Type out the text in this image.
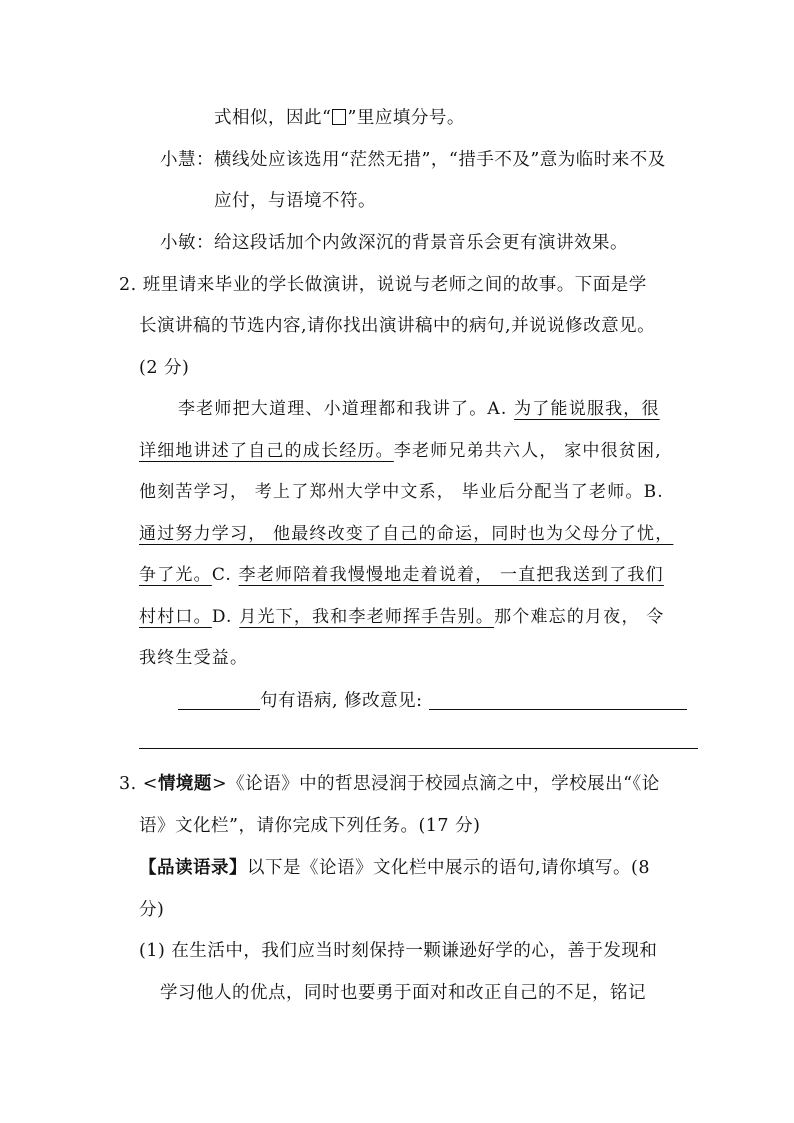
式相似，因此“ ”里应填分号。
小慧：横线处应该选用“茫然无措”，“措手不及”意为临时来不及
应付，与语境不符。
小敏：给这段话加个内敛深沉的背景音乐会更有演讲效果。
2. 班里请来毕业的学长做演讲，说说与老师之间的故事。下面是学
长演讲稿的节选内容,请你找出演讲稿中的病句,并说说修改意见。
(2 分)
李老师把大道理、小道理都和我讲了。A. 为了能说服我，很
详细地讲述了自己的成长经历。李老师兄弟共六人， 家中很贫困,
他刻苦学习， 考上了郑州大学中文系， 毕业后分配当了老师。B.
通过努力学习， 他最终改变了自己的命运，同时也为父母分了忧，
争了光。C. 李老师陪着我慢慢地走着说着， 一直把我送到了我们
村村口。D. 月光下，我和李老师挥手告别。那个难忘的月夜， 令
我终生受益。
句有语病, 修改意见:
3. <情境题>《论语》中的哲思浸润于校园点滴之中，学校展出“《论
语》文化栏”，请你完成下列任务。(17 分)
【品读语录】以下是《论语》文化栏中展示的语句,请你填写。(8
分)
(1) 在生活中，我们应当时刻保持一颗谦逊好学的心，善于发现和
学习他人的优点，同时也要勇于面对和改正自己的不足，铭记
